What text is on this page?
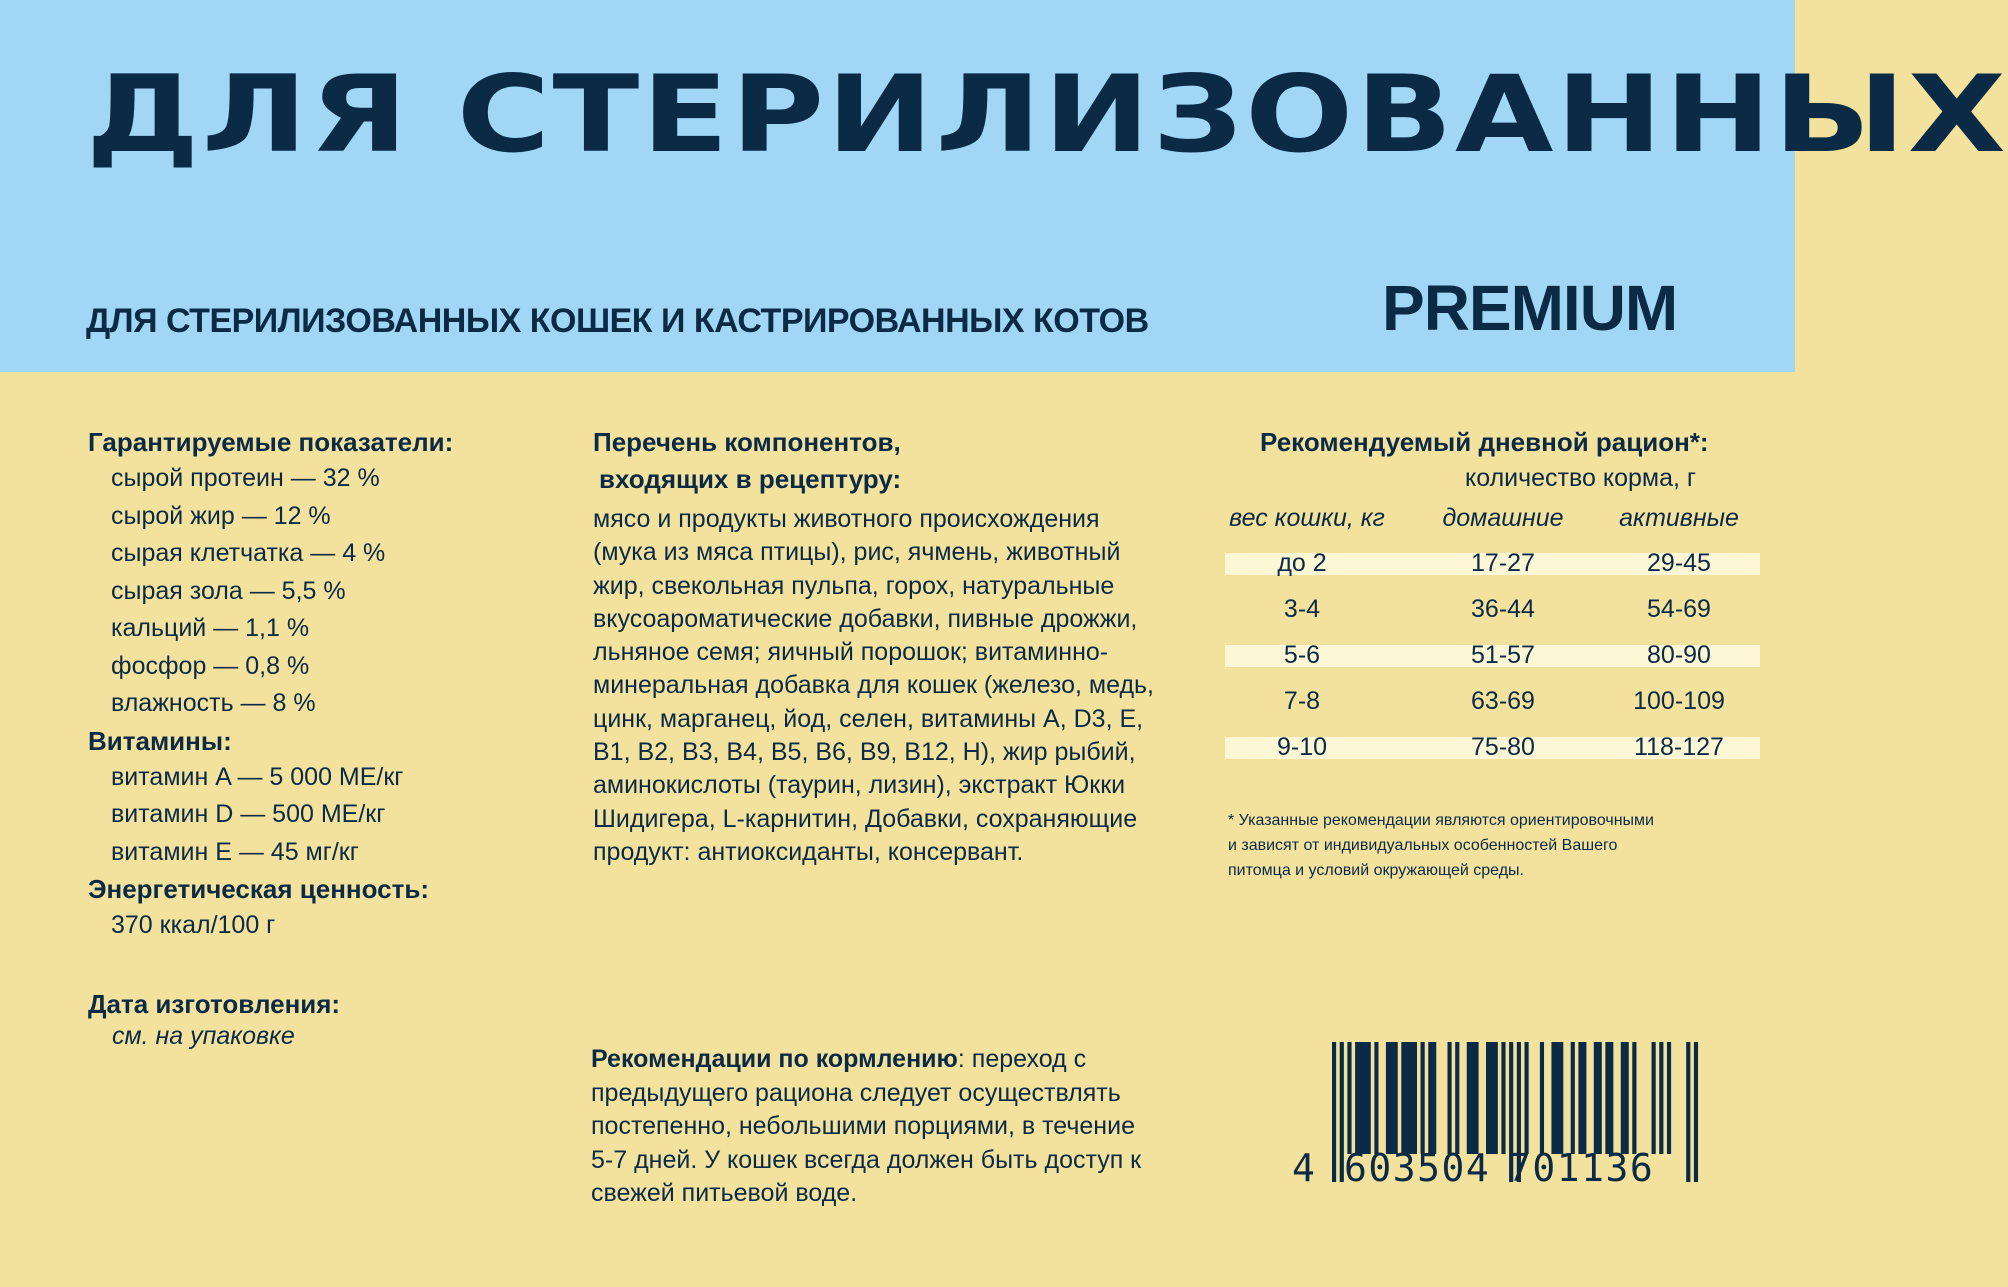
ДЛЯ СТЕРИЛИЗОВАННЫХ
ДЛЯ СТЕРИЛИЗОВАННЫХ КОШЕК И КАСТРИРОВАННЫХ КОТОВ	PREMIUM
Гарантируемые показатели:
сырой протеин — 32 %
сырой жир — 12 %
сырая клетчатка — 4 %
сырая зола — 5,5 %
кальций — 1,1 %
фосфор — 0,8 %
влажность — 8 %
Витамины:
витамин A — 5 000 МЕ/кг
витамин D — 500 МЕ/кг
витамин E — 45 мг/кг
Энергетическая ценность:
370 ккал/100 г
Дата изготовления:
см. на упаковке
Перечень компонентов,
входящих в рецептуру:
мясо и продукты животного происхождения
(мука из мяса птицы), рис, ячмень, животный
жир, свекольная пульпа, горох, натуральные
вкусоароматические добавки, пивные дрожжи,
льняное семя; яичный порошок; витаминно-
минеральная добавка для кошек (железо, медь,
цинк, марганец, йод, селен, витамины А, D3, Е,
B1, B2, B3, B4, B5, B6, B9, B12, H), жир рыбий,
аминокислоты (таурин, лизин), экстракт Юкки
Шидигера, L-карнитин, Добавки, сохраняющие
продукт: антиоксиданты, консервант.
Рекомендации по кормлению: переход с
предыдущего рациона следует осуществлять
постепенно, небольшими порциями, в течение
5-7 дней. У кошек всегда должен быть доступ к
свежей питьевой воде.
Рекомендуемый дневной рацион*:
количество корма, г
вес кошки, кг	домашние	активные
до 2	17-27	29-45
3-4	36-44	54-69
5-6	51-57	80-90
7-8	63-69	100-109
9-10	75-80	118-127
* Указанные рекомендации являются ориентировочными
и зависят от индивидуальных особенностей Вашего
питомца и условий окружающей среды.
4 603504 701136
